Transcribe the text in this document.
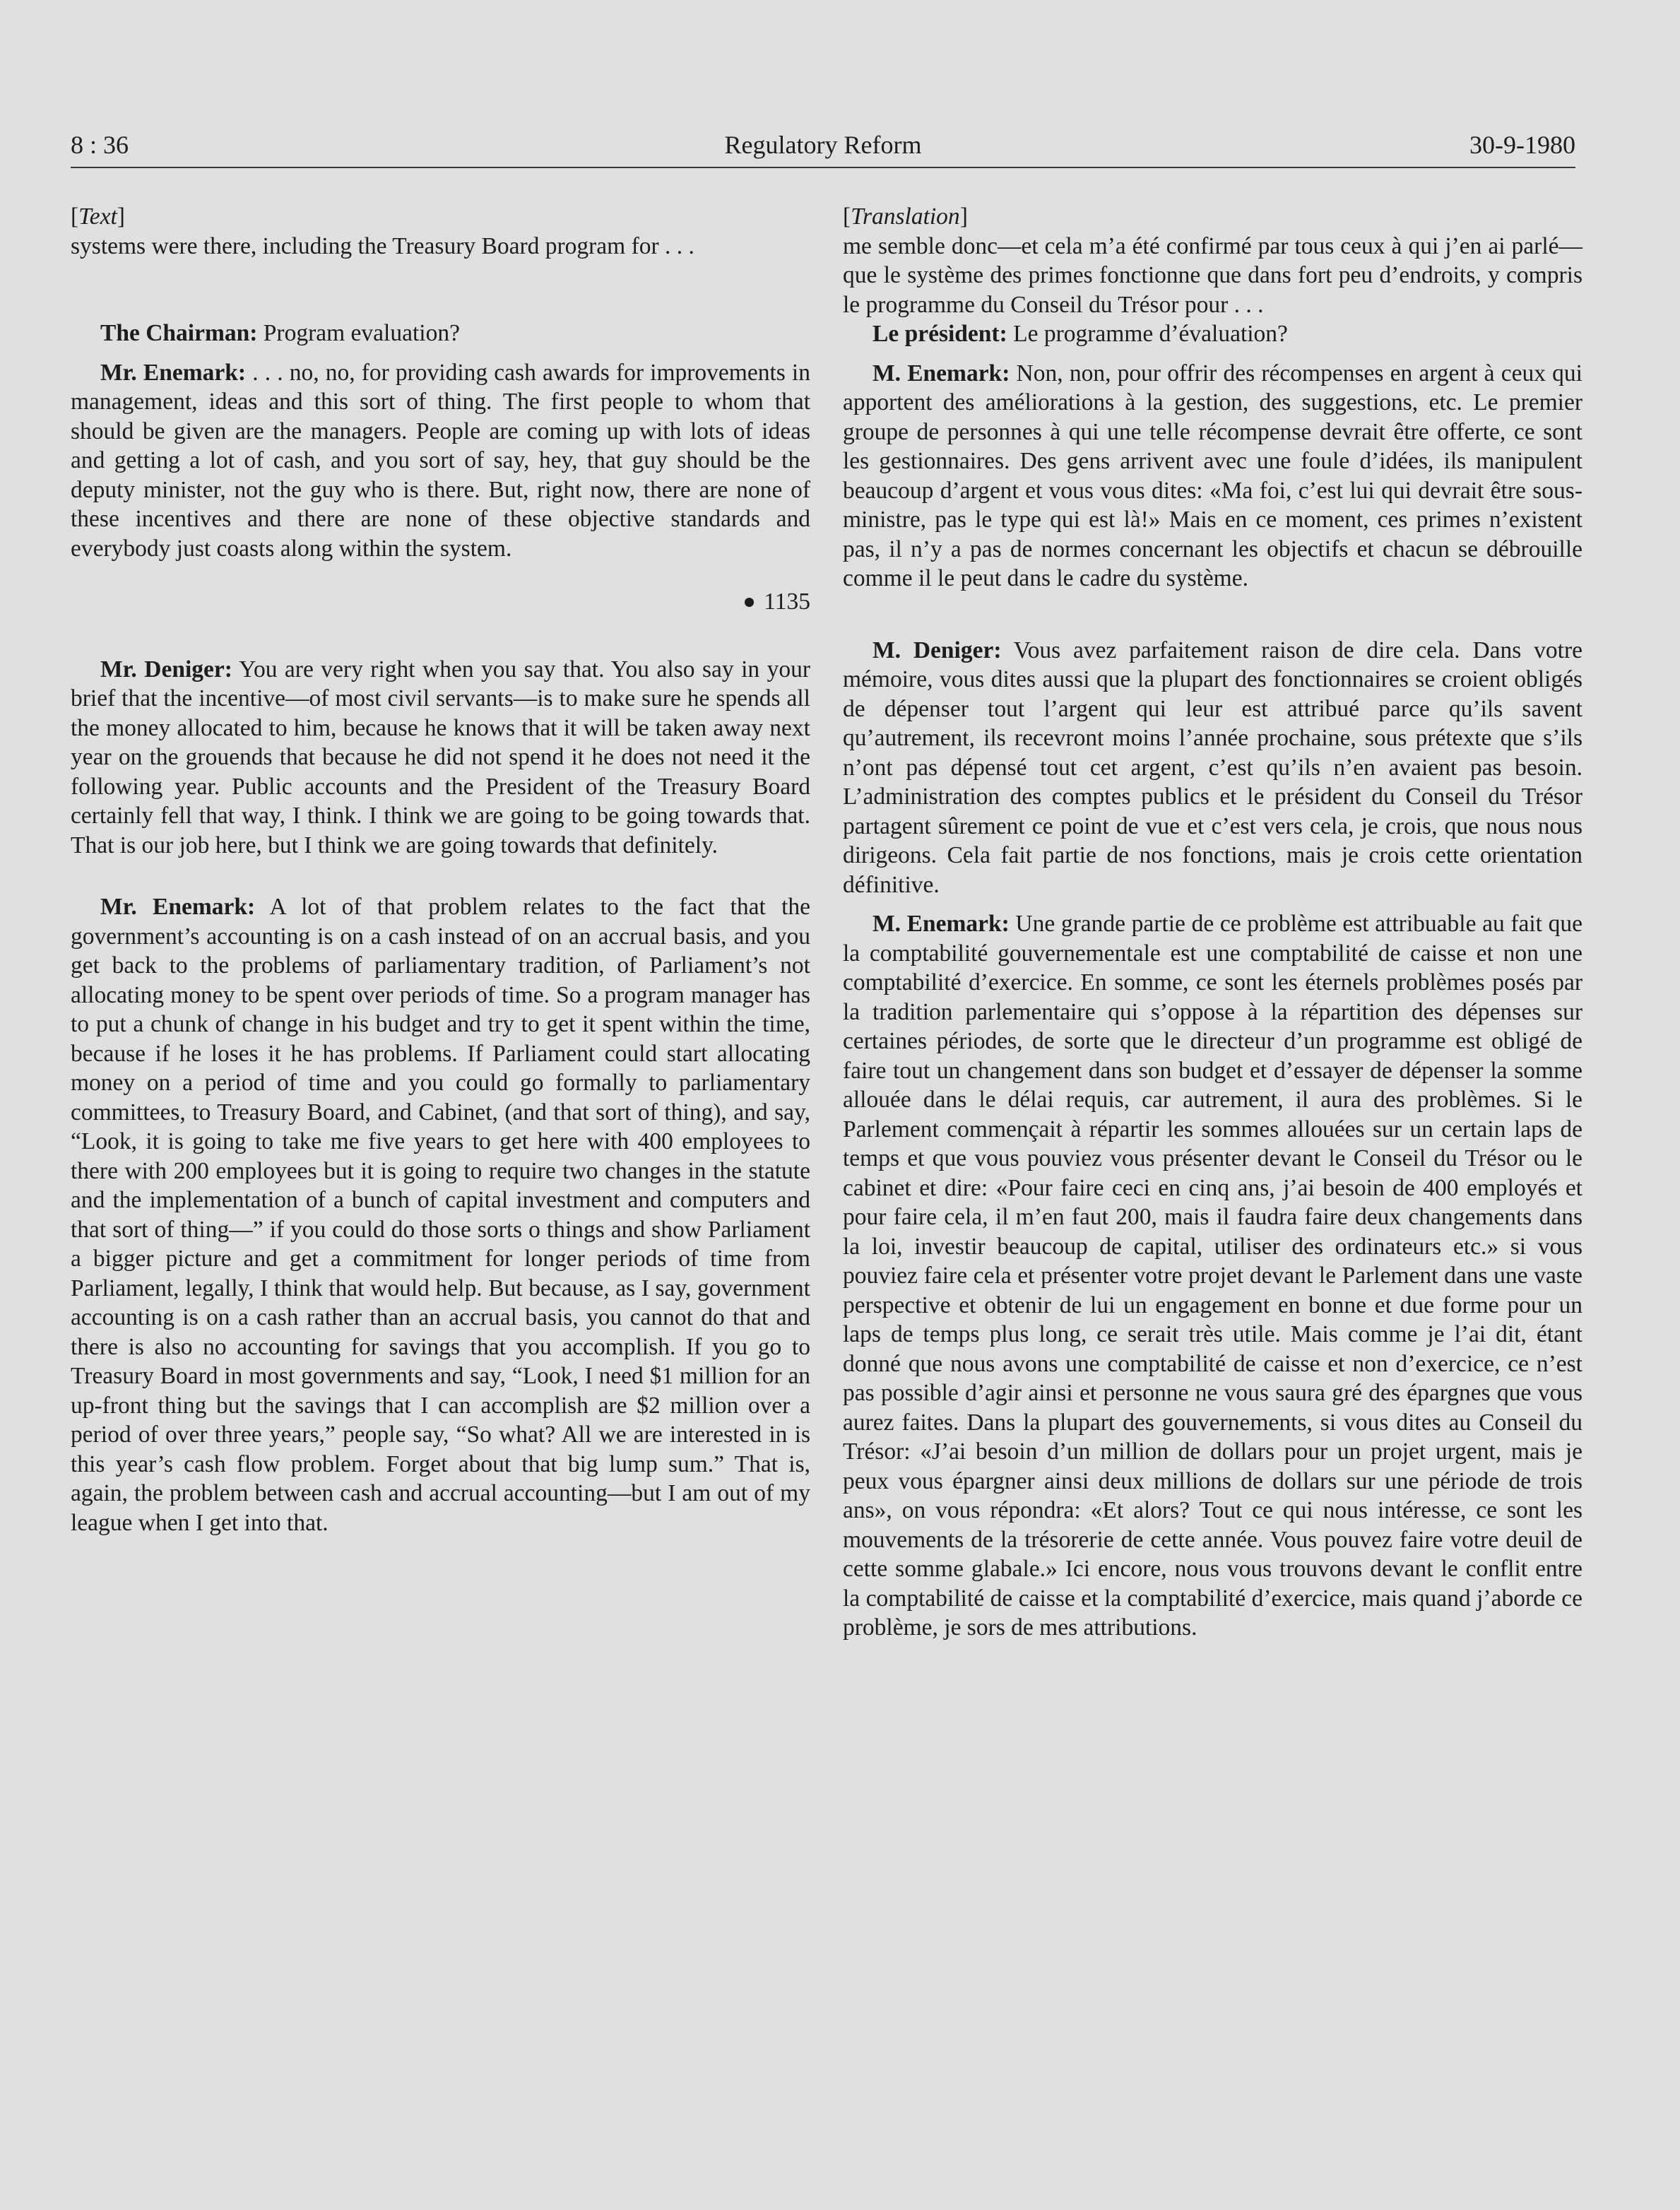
8 : 36	Regulatory Reform	30-9-1980

[Text]

systems were there, including the Treasury Board program for . . .

The Chairman: Program evaluation?

Mr. Enemark: . . . no, no, for providing cash awards for improvements in management, ideas and this sort of thing. The first people to whom that should be given are the managers. People are coming up with lots of ideas and getting a lot of cash, and you sort of say, hey, that guy should be the deputy minister, not the guy who is there. But, right now, there are none of these incentives and there are none of these objective standards and everybody just coasts along within the system.

1135

Mr. Deniger: You are very right when you say that. You also say in your brief that the incentive—of most civil servants—is to make sure he spends all the money allocated to him, because he knows that it will be taken away next year on the grouends that because he did not spend it he does not need it the following year. Public accounts and the President of the Treasury Board certainly fell that way, I think. I think we are going to be going towards that. That is our job here, but I think we are going towards that definitely.

Mr. Enemark: A lot of that problem relates to the fact that the government’s accounting is on a cash instead of on an accrual basis, and you get back to the problems of parliamentary tradition, of Parliament’s not allocating money to be spent over periods of time. So a program manager has to put a chunk of change in his budget and try to get it spent within the time, because if he loses it he has problems. If Parliament could start allocating money on a period of time and you could go formally to parliamentary committees, to Treasury Board, and Cabinet, (and that sort of thing), and say, “Look, it is going to take me five years to get here with 400 employees to there with 200 employees but it is going to require two changes in the statute and the implementation of a bunch of capital investment and computers and that sort of thing—” if you could do those sorts o things and show Parliament a bigger picture and get a commitment for longer periods of time from Parliament, legally, I think that would help. But because, as I say, government accounting is on a cash rather than an accrual basis, you cannot do that and there is also no accounting for savings that you accomplish. If you go to Treasury Board in most governments and say, “Look, I need $1 million for an up-front thing but the savings that I can accomplish are $2 million over a period of over three years,” people say, “So what? All we are interested in is this year’s cash flow problem. Forget about that big lump sum.” That is, again, the problem between cash and accrual accounting—but I am out of my league when I get into that.

[Translation]

me semble donc—et cela m’a été confirmé par tous ceux à qui j’en ai parlé—que le système des primes fonctionne que dans fort peu d’endroits, y compris le programme du Conseil du Trésor pour . . .

Le président: Le programme d’évaluation?

M. Enemark: Non, non, pour offrir des récompenses en argent à ceux qui apportent des améliorations à la gestion, des suggestions, etc. Le premier groupe de personnes à qui une telle récompense devrait être offerte, ce sont les gestionnaires. Des gens arrivent avec une foule d’idées, ils manipulent beaucoup d’argent et vous vous dites: «Ma foi, c’est lui qui devrait être sous-ministre, pas le type qui est là!» Mais en ce moment, ces primes n’existent pas, il n’y a pas de normes concernant les objectifs et chacun se débrouille comme il le peut dans le cadre du système.

M. Deniger: Vous avez parfaitement raison de dire cela. Dans votre mémoire, vous dites aussi que la plupart des fonctionnaires se croient obligés de dépenser tout l’argent qui leur est attribué parce qu’ils savent qu’autrement, ils recevront moins l’année prochaine, sous prétexte que s’ils n’ont pas dépensé tout cet argent, c’est qu’ils n’en avaient pas besoin. L’administration des comptes publics et le président du Conseil du Trésor partagent sûrement ce point de vue et c’est vers cela, je crois, que nous nous dirigeons. Cela fait partie de nos fonctions, mais je crois cette orientation définitive.

M. Enemark: Une grande partie de ce problème est attribuable au fait que la comptabilité gouvernementale est une comptabilité de caisse et non une comptabilité d’exercice. En somme, ce sont les éternels problèmes posés par la tradition parlementaire qui s’oppose à la répartition des dépenses sur certaines périodes, de sorte que le directeur d’un programme est obligé de faire tout un changement dans son budget et d’essayer de dépenser la somme allouée dans le délai requis, car autrement, il aura des problèmes. Si le Parlement commençait à répartir les sommes allouées sur un certain laps de temps et que vous pouviez vous présenter devant le Conseil du Trésor ou le cabinet et dire: «Pour faire ceci en cinq ans, j’ai besoin de 400 employés et pour faire cela, il m’en faut 200, mais il faudra faire deux changements dans la loi, investir beaucoup de capital, utiliser des ordinateurs etc.» si vous pouviez faire cela et présenter votre projet devant le Parlement dans une vaste perspective et obtenir de lui un engagement en bonne et due forme pour un laps de temps plus long, ce serait très utile. Mais comme je l’ai dit, étant donné que nous avons une comptabilité de caisse et non d’exercice, ce n’est pas possible d’agir ainsi et personne ne vous saura gré des épargnes que vous aurez faites. Dans la plupart des gouvernements, si vous dites au Conseil du Trésor: «J’ai besoin d’un million de dollars pour un projet urgent, mais je peux vous épargner ainsi deux millions de dollars sur une période de trois ans», on vous répondra: «Et alors? Tout ce qui nous intéresse, ce sont les mouvements de la trésorerie de cette année. Vous pouvez faire votre deuil de cette somme glabale.» Ici encore, nous vous trouvons devant le conflit entre la comptabilité de caisse et la comptabilité d’exercice, mais quand j’aborde ce problème, je sors de mes attributions.
